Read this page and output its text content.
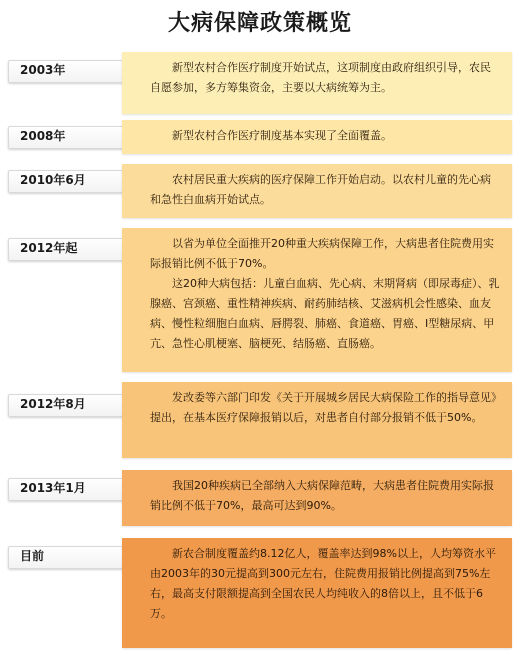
大病保障政策概览
2003年	新型农村合作医疗制度开始试点，这项制度由政府组织引导，农民自愿参加，多方筹集资金，主要以大病统筹为主。

2008年	新型农村合作医疗制度基本实现了全面覆盖。

2010年6月	农村居民重大疾病的医疗保障工作开始启动。以农村儿童的先心病和急性白血病开始试点。

2012年起	以省为单位全面推开20种重大疾病保障工作，大病患者住院费用实际报销比例不低于70%。

这20种大病包括：儿童白血病、先心病、末期肾病（即尿毒症）、乳腺癌、宫颈癌、重性精神疾病、耐药肺结核、艾滋病机会性感染、血友病、慢性粒细胞白血病、唇腭裂、肺癌、食道癌、胃癌、Ⅰ型糖尿病、甲亢、急性心肌梗塞、脑梗死、结肠癌、直肠癌。

2012年8月	发改委等六部门印发《关于开展城乡居民大病保险工作的指导意见》提出，在基本医疗保障报销以后，对患者自付部分报销不低于50%。

2013年1月	我国20种疾病已全部纳入大病保障范畴，大病患者住院费用实际报销比例不低于70%，最高可达到90%。

目前	新农合制度覆盖约8.12亿人，覆盖率达到98%以上，人均筹资水平由2003年的30元提高到300元左右，住院费用报销比例提高到75%左右，最高支付限额提高到全国农民人均纯收入的8倍以上，且不低于6万。
